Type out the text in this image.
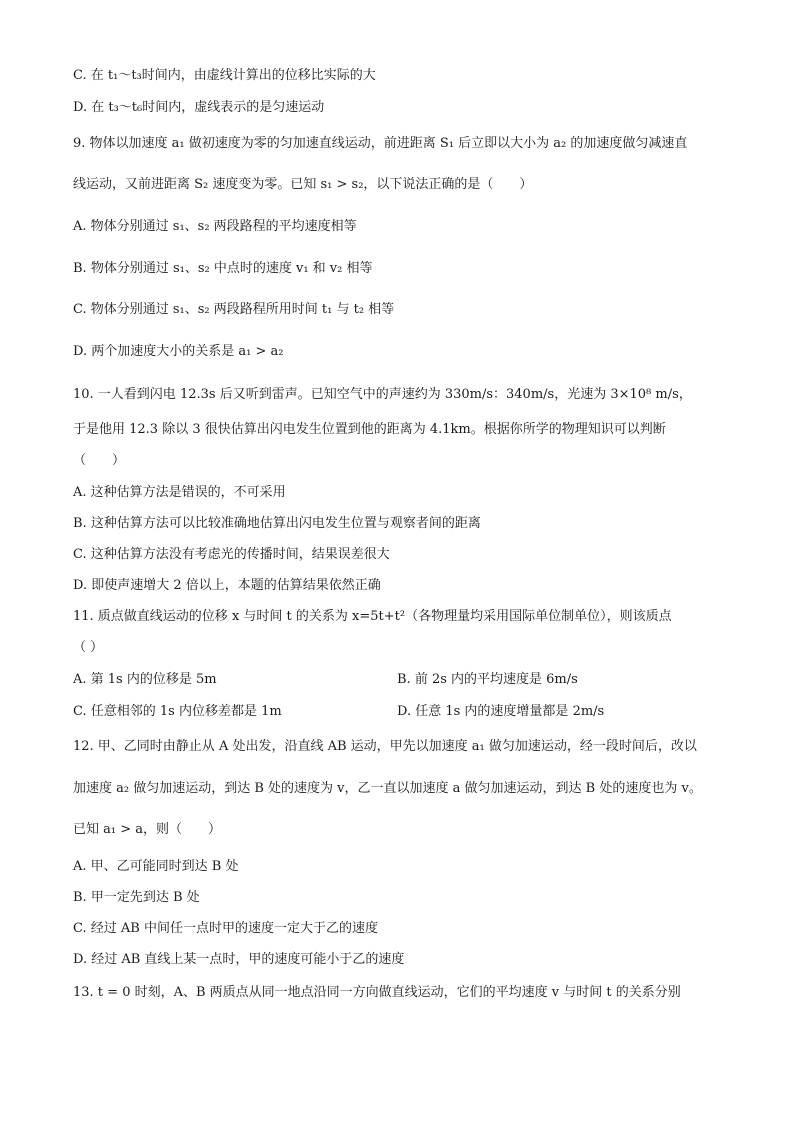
C. 在 t₁～t₃时间内，由虚线计算出的位移比实际的大
D. 在 t₃～t₆时间内，虚线表示的是匀速运动
9. 物体以加速度 a₁ 做初速度为零的匀加速直线运动，前进距离 S₁ 后立即以大小为 a₂ 的加速度做匀减速直
线运动，又前进距离 S₂ 速度变为零。已知 s₁ > s₂，以下说法正确的是（　　）
A. 物体分别通过 s₁、s₂ 两段路程的平均速度相等
B. 物体分别通过 s₁、s₂ 中点时的速度 v₁ 和 v₂ 相等
C. 物体分别通过 s₁、s₂ 两段路程所用时间 t₁ 与 t₂ 相等
D. 两个加速度大小的关系是 a₁ > a₂
10. 一人看到闪电 12.3s 后又听到雷声。已知空气中的声速约为 330m/s：340m/s，光速为 3×10⁸ m/s，
于是他用 12.3 除以 3 很快估算出闪电发生位置到他的距离为 4.1km。根据你所学的物理知识可以判断
（　　）
A. 这种估算方法是错误的，不可采用
B. 这种估算方法可以比较准确地估算出闪电发生位置与观察者间的距离
C. 这种估算方法没有考虑光的传播时间，结果误差很大
D. 即使声速增大 2 倍以上，本题的估算结果依然正确
11. 质点做直线运动的位移 x 与时间 t 的关系为 x=5t+t²（各物理量均采用国际单位制单位），则该质点
（ ）
A. 第 1s 内的位移是 5m	B. 前 2s 内的平均速度是 6m/s
C. 任意相邻的 1s 内位移差都是 1m	D. 任意 1s 内的速度增量都是 2m/s
12. 甲、乙同时由静止从 A 处出发，沿直线 AB 运动，甲先以加速度 a₁ 做匀加速运动，经一段时间后，改以
加速度 a₂ 做匀加速运动，到达 B 处的速度为 v，乙一直以加速度 a 做匀加速运动，到达 B 处的速度也为 v。
已知 a₁ > a，则（　　）
A. 甲、乙可能同时到达 B 处
B. 甲一定先到达 B 处
C. 经过 AB 中间任一点时甲的速度一定大于乙的速度
D. 经过 AB 直线上某一点时，甲的速度可能小于乙的速度
13. t = 0 时刻，A、B 两质点从同一地点沿同一方向做直线运动，它们的平均速度 v 与时间 t 的关系分别
